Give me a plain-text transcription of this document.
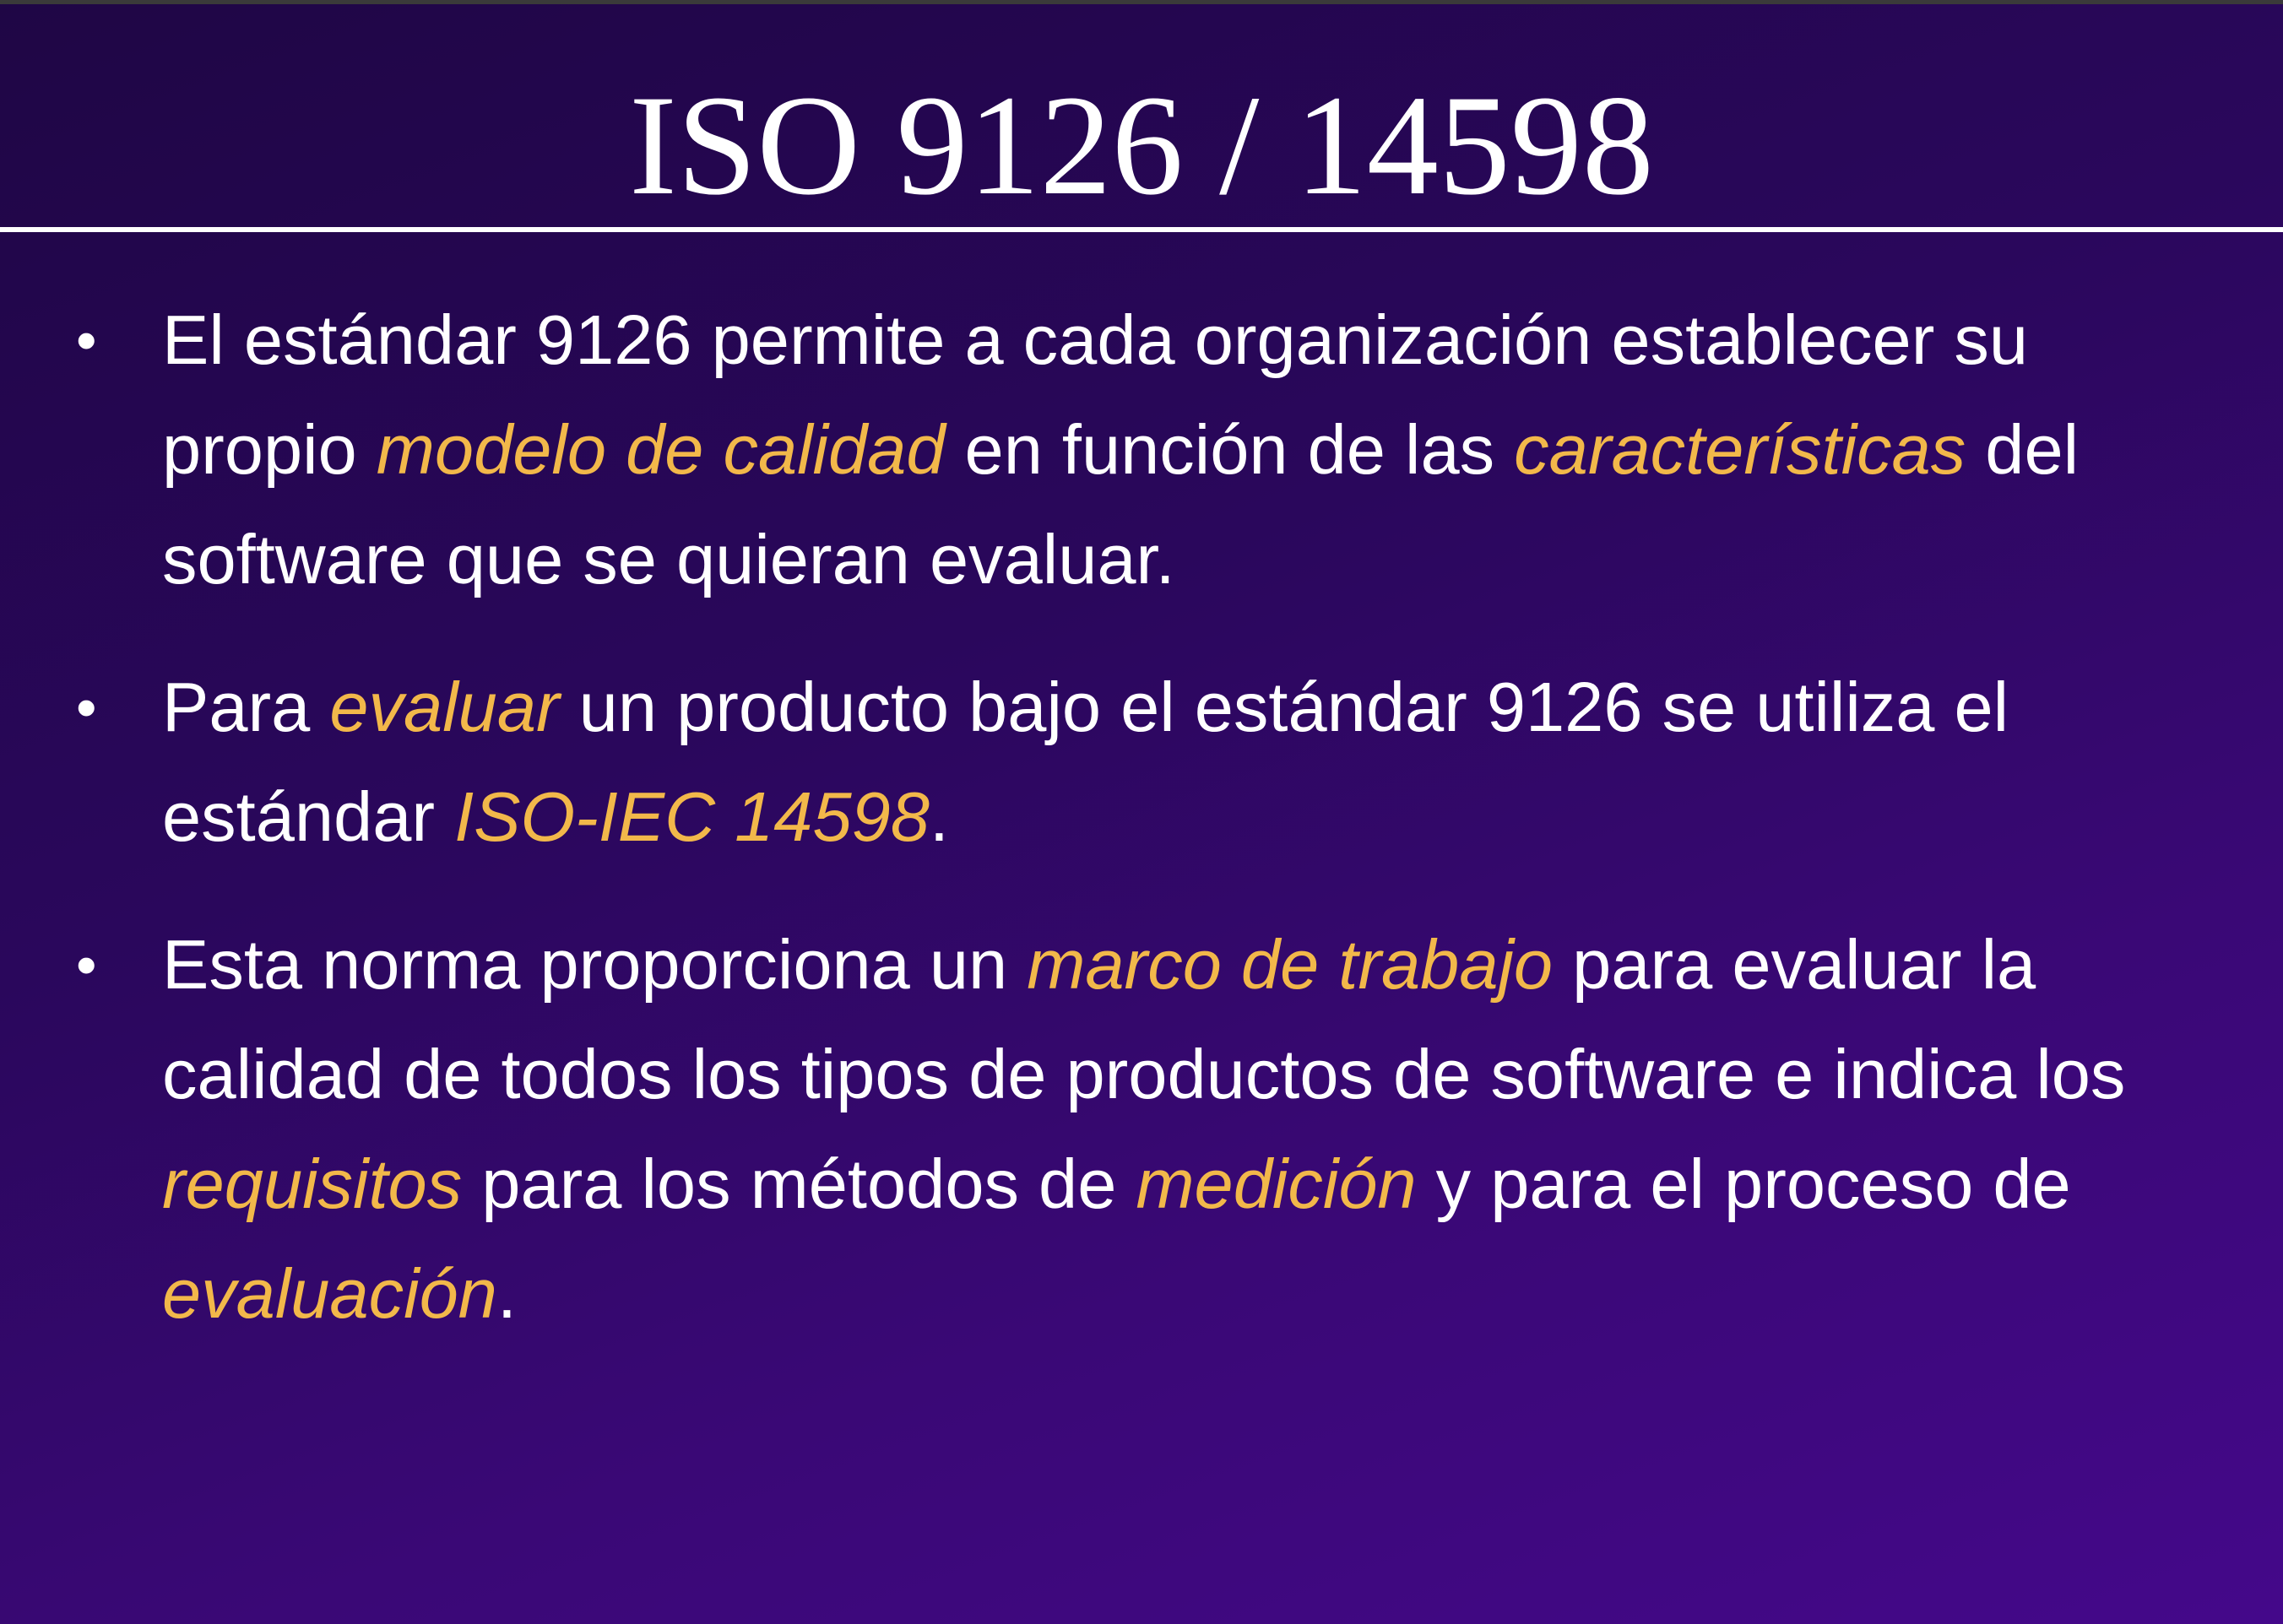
ISO 9126 / 14598
• El estándar 9126 permite a cada organización establecer su propio modelo de calidad en función de las características del software que se quieran evaluar.
• Para evaluar un producto bajo el estándar 9126 se utiliza el estándar ISO-IEC 14598.
• Esta norma proporciona un marco de trabajo para evaluar la calidad de todos los tipos de productos de software e indica los requisitos para los métodos de medición y para el proceso de evaluación.
